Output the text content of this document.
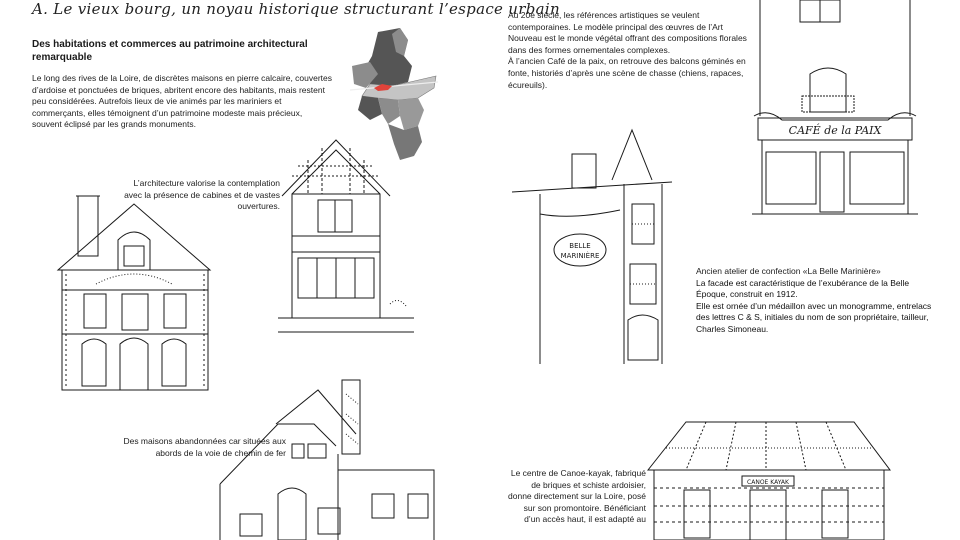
A. Le vieux bourg, un noyau historique structurant l’espace urbain
Des habitations et commerces au patrimoine architectural remarquable
Le long des rives de la Loire, de discrètes maisons en pierre calcaire, couvertes d’ardoise et ponctuées de briques, abritent encore des habitants, mais restent peu considérées. Autrefois lieux de vie animés par les mariniers et commerçants, elles témoignent d’un patrimoine modeste mais précieux, souvent éclipsé par les grands monuments.
L’architecture valorise la contemplation avec la présence de cabines et de vastes ouvertures.
Des maisons abandonnées car situées aux abords de la voie de chemin de fer
Au 20e siècle, les références artistiques se veulent contemporaines. Le modèle principal des œuvres de l’Art Nouveau est le monde végétal offrant des compositions florales dans des formes ornementales complexes.
À l’ancien Café de la paix, on retrouve des balcons géminés en fonte, historiés d’après une scène de chasse (chiens, rapaces, écureuils).
CAFÉ de la PAIX
BELLE
MARINIÈRE
Ancien atelier de confection «La Belle Marinière»
La facade est caractéristique de l’exubérance de la Belle Époque, construit en 1912.
Elle est ornée d’un médaillon avec un monogramme, entrelacs des lettres C & S, initiales du nom de son propriétaire, tailleur, Charles Simoneau.
Le centre de Canoe-kayak, fabriqué de briques et schiste ardoisier, donne directement sur la Loire, posé sur son promontoire. Bénéficiant d’un accès haut, il est adapté au
CANOE KAYAK
